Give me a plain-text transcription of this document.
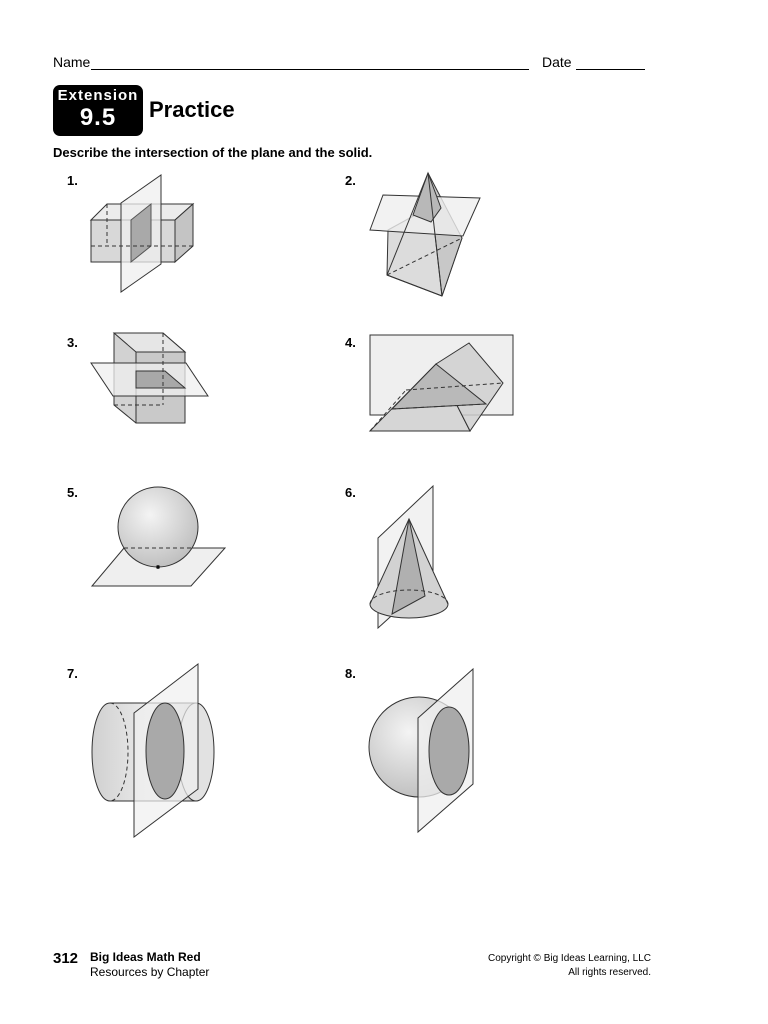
Name	Date
Extension
9.5	Practice
Describe the intersection of the plane and the solid.
1.	2.
3.	4.
5.	6.
7.	8.
312 Big Ideas Math Red
Resources by Chapter
Copyright © Big Ideas Learning, LLC
All rights reserved.
